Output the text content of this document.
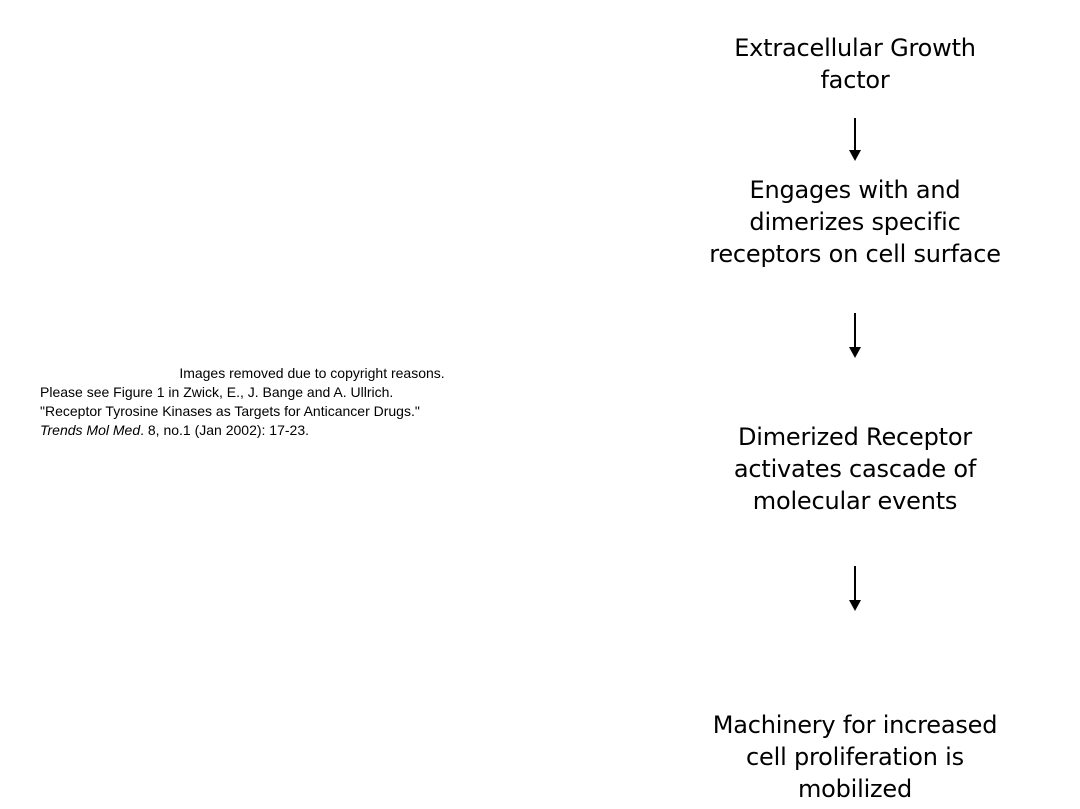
Images removed due to copyright reasons.
Please see Figure 1 in Zwick, E., J. Bange and A. Ullrich.
"Receptor Tyrosine Kinases as Targets for Anticancer Drugs."
Trends Mol Med. 8, no.1 (Jan 2002): 17-23.
Extracellular Growth
factor
Engages with and
dimerizes specific
receptors on cell surface
Dimerized Receptor
activates cascade of
molecular events
Machinery for increased
cell proliferation is
mobilized
